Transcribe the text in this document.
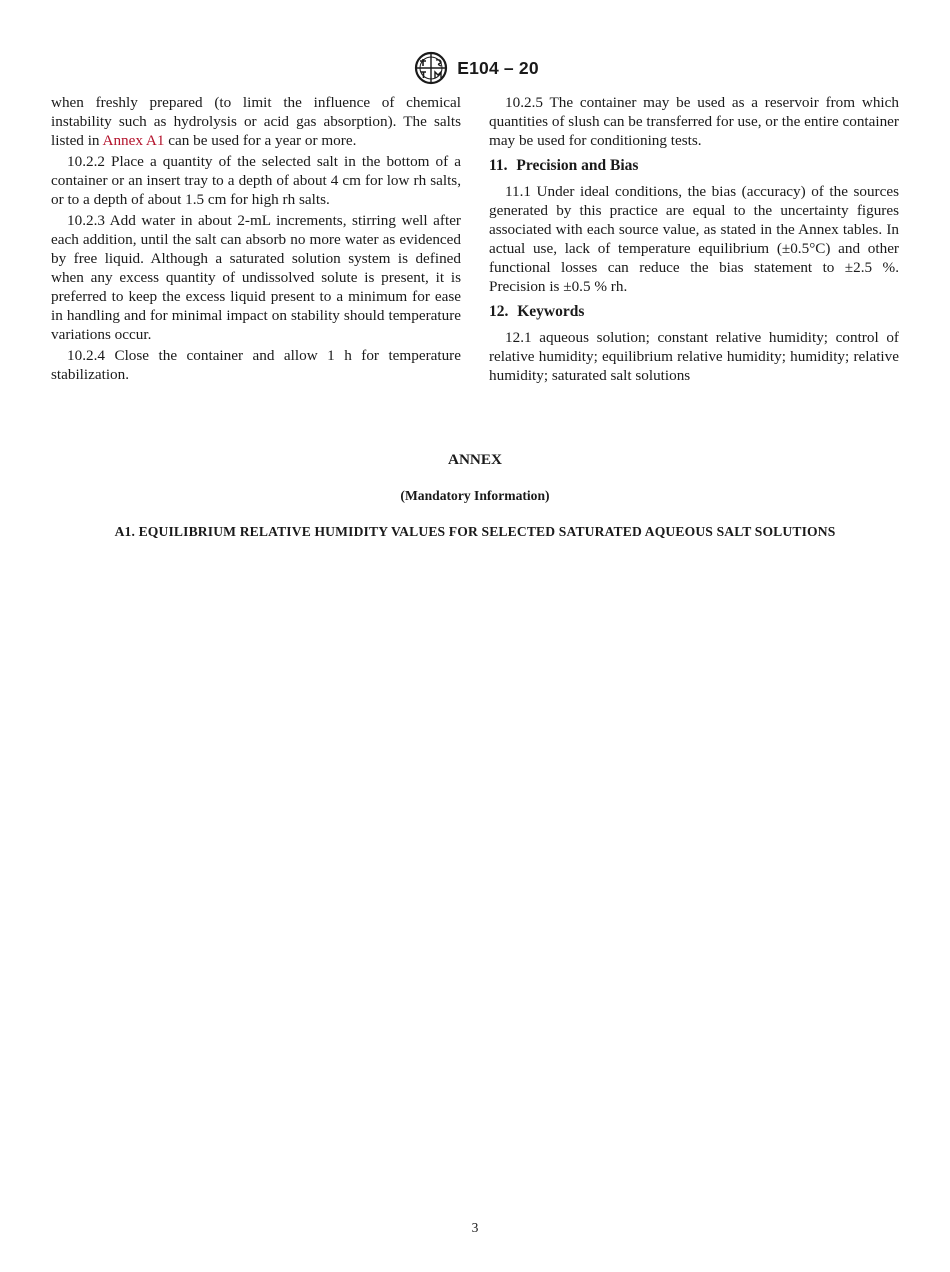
E104 – 20

when freshly prepared (to limit the influence of chemical instability such as hydrolysis or acid gas absorption). The salts listed in Annex A1 can be used for a year or more.

10.2.2 Place a quantity of the selected salt in the bottom of a container or an insert tray to a depth of about 4 cm for low rh salts, or to a depth of about 1.5 cm for high rh salts.

10.2.3 Add water in about 2-mL increments, stirring well after each addition, until the salt can absorb no more water as evidenced by free liquid. Although a saturated solution system is defined when any excess quantity of undissolved solute is present, it is preferred to keep the excess liquid present to a minimum for ease in handling and for minimal impact on stability should temperature variations occur.

10.2.4 Close the container and allow 1 h for temperature stabilization.

10.2.5 The container may be used as a reservoir from which quantities of slush can be transferred for use, or the entire container may be used for conditioning tests.

11. Precision and Bias

11.1 Under ideal conditions, the bias (accuracy) of the sources generated by this practice are equal to the uncertainty figures associated with each source value, as stated in the Annex tables. In actual use, lack of temperature equilibrium (±0.5°C) and other functional losses can reduce the bias statement to ±2.5 %. Precision is ±0.5 % rh.

12. Keywords

12.1 aqueous solution; constant relative humidity; control of relative humidity; equilibrium relative humidity; humidity; relative humidity; saturated salt solutions

ANNEX
(Mandatory Information)
A1. EQUILIBRIUM RELATIVE HUMIDITY VALUES FOR SELECTED SATURATED AQUEOUS SALT SOLUTIONS
3
